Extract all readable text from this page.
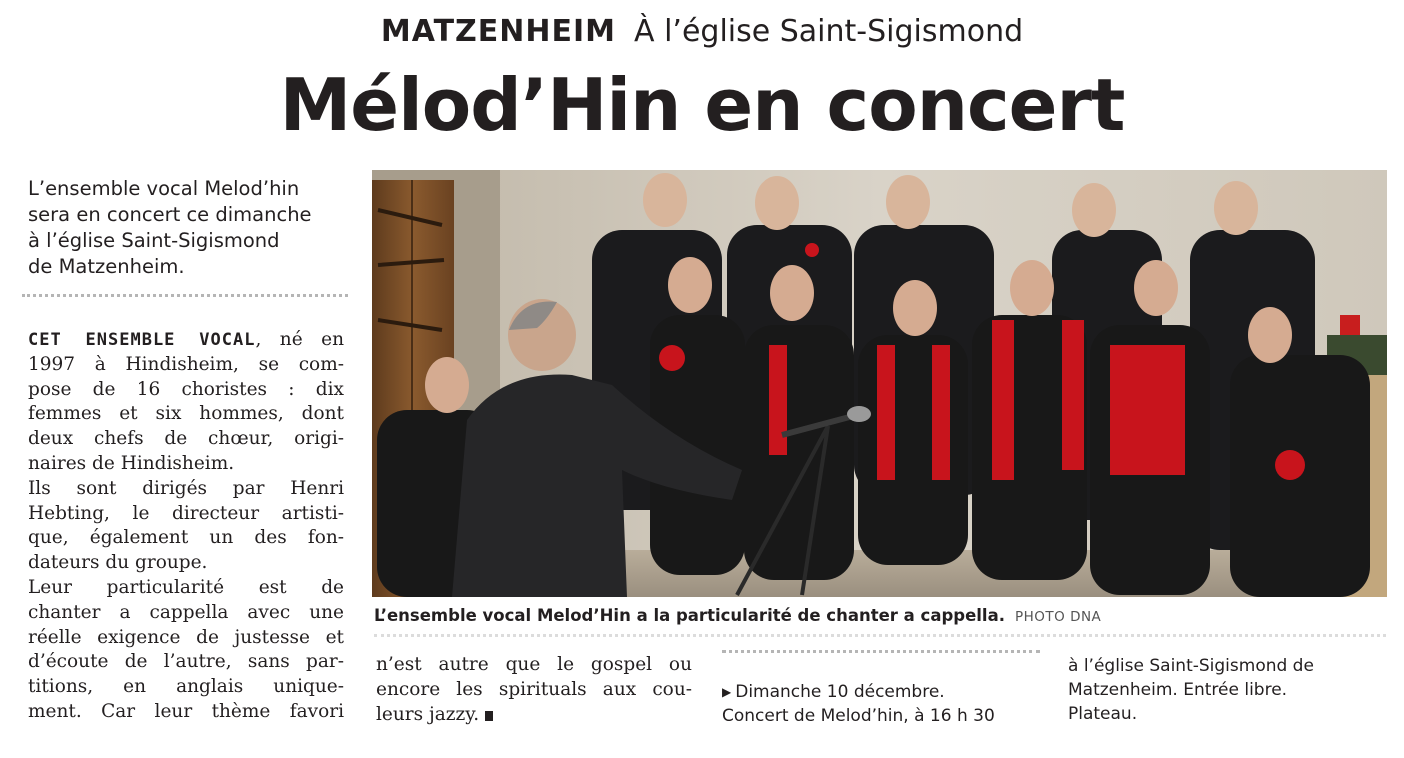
MATZENHEIM À l’église Saint-Sigismond
Mélod’Hin en concert
L’ensemble vocal Melod’hin
sera en concert ce dimanche
à l’église Saint-Sigismond
de Matzenheim.
CET ENSEMBLE VOCAL, né en
1997 à Hindisheim, se com-
pose de 16 choristes : dix
femmes et six hommes, dont
deux chefs de chœur, origi-
naires de Hindisheim.
Ils sont dirigés par Henri
Hebting, le directeur artisti-
que, également un des fon-
dateurs du groupe.
Leur particularité est de
chanter a cappella avec une
réelle exigence de justesse et
d’écoute de l’autre, sans par-
titions, en anglais unique-
ment. Car leur thème favori
L’ensemble vocal Melod’Hin a la particularité de chanter a cappella. PHOTO DNA
n’est autre que le gospel ou
encore les spirituals aux cou-
leurs jazzy.
▶ Dimanche 10 décembre.
Concert de Melod’hin, à 16 h 30
à l’église Saint-Sigismond de
Matzenheim. Entrée libre.
Plateau.
